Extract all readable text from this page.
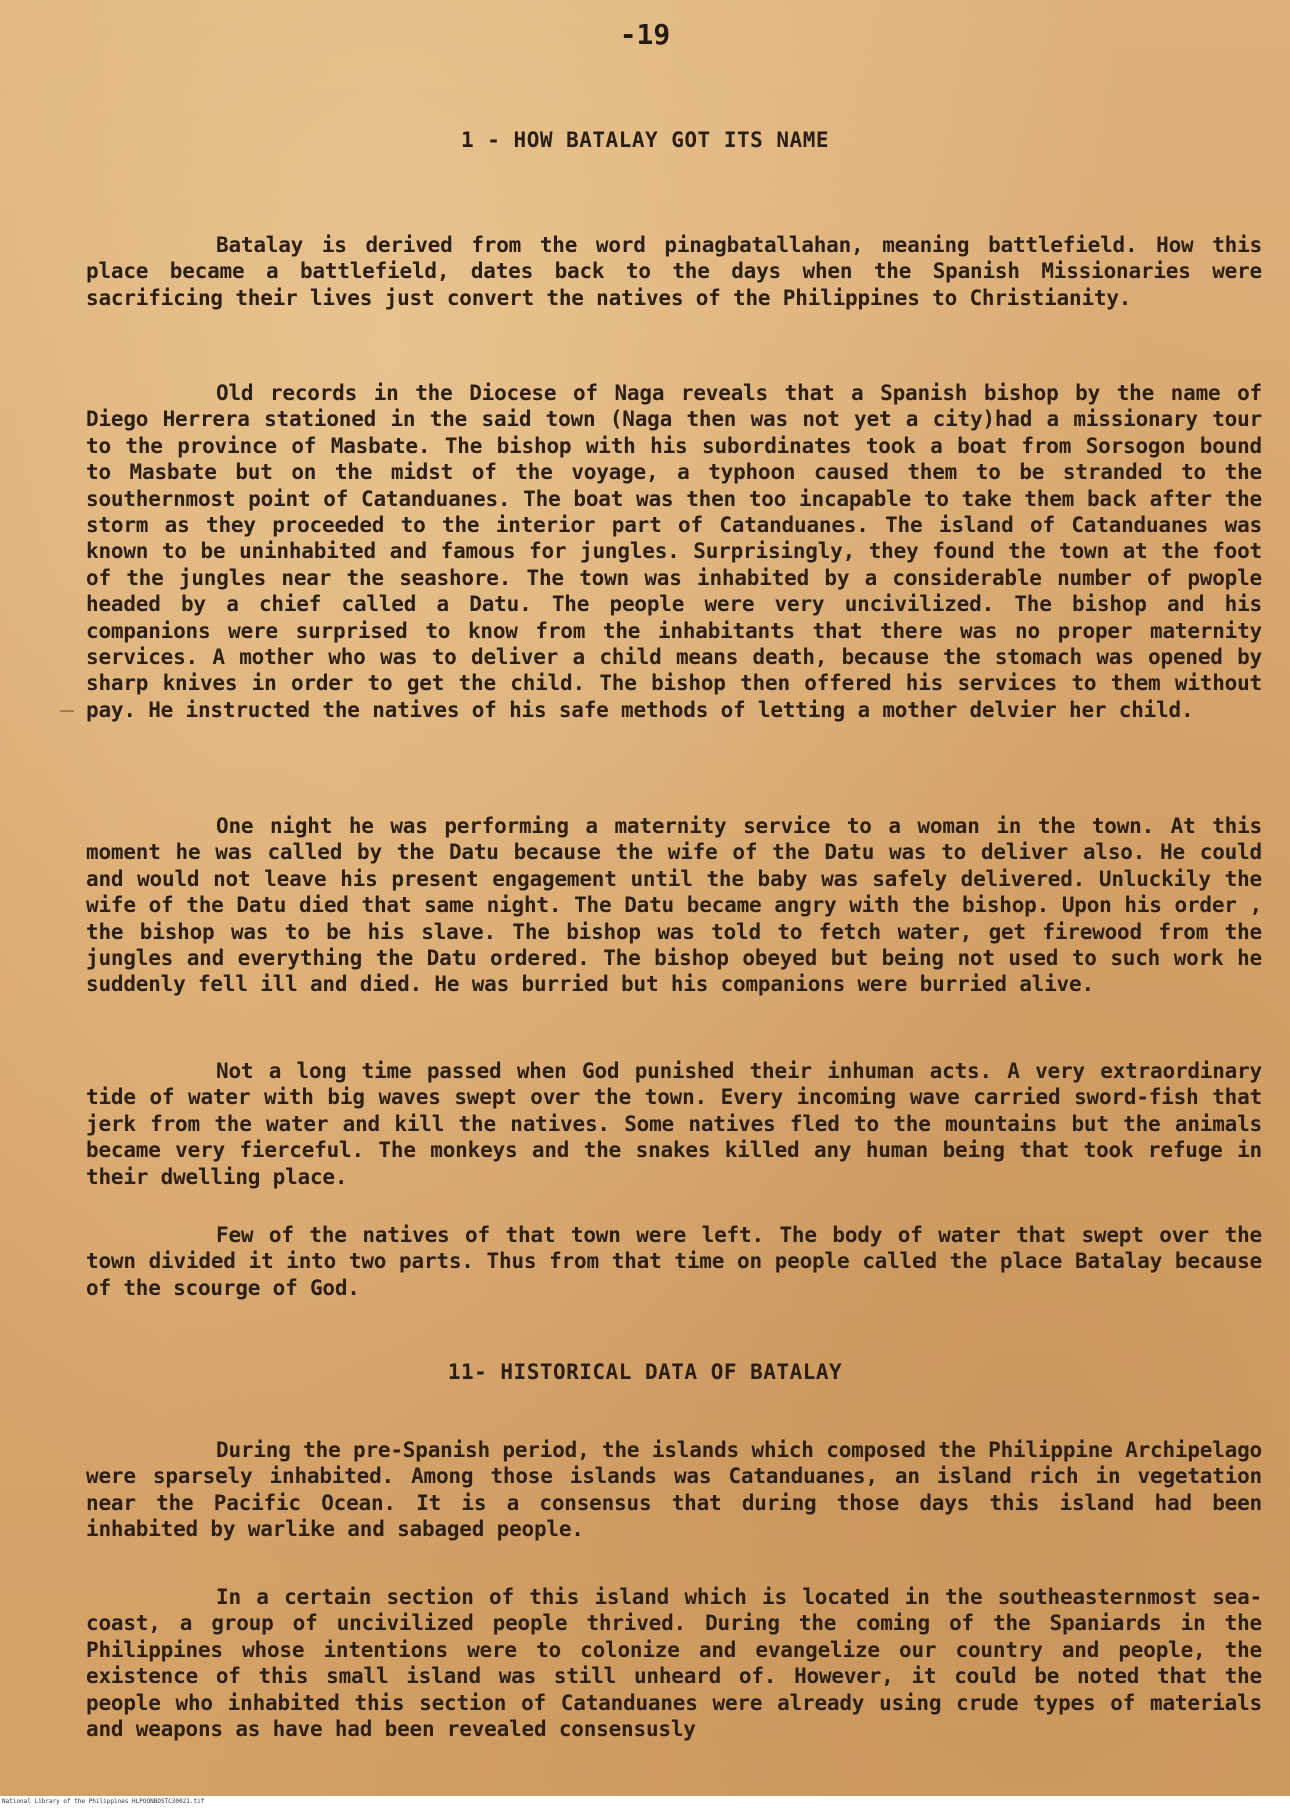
-19
1 - HOW BATALAY GOT ITS NAME

Batalay is derived from the word pinagbatallahan, meaning battlefield. How this place became a battlefield, dates back to the days when the Spanish Missionaries were sacrificing their lives just convert the natives of the Philippines to Christianity.

Old records in the Diocese of Naga reveals that a Spanish bishop by the name of Diego Herrera stationed in the said town (Naga then was not yet a city)had a missionary tour to the province of Masbate. The bishop with his subordinates took a boat from Sorsogon bound to Masbate but on the midst of the voyage, a typhoon caused them to be stranded to the southernmost point of Catanduanes. The boat was then too incapable to take them back after the storm as they proceeded to the interior part of Catanduanes. The island of Catanduanes was known to be uninhabited and famous for jungles. Surprisingly, they found the town at the foot of the jungles near the seashore. The town was inhabited by a considerable number of pwople headed by a chief called a Datu. The people were very uncivilized. The bishop and his companions were surprised to know from the inhabitants that there was no proper maternity services. A mother who was to deliver a child means death, because the stomach was opened by sharp knives in order to get the child. The bishop then offered his services to them without pay. He instructed the natives of his safe methods of letting a mother delvier her child.

One night he was performing a maternity service to a woman in the town. At this moment he was called by the Datu because the wife of the Datu was to deliver also. He could and would not leave his present engagement until the baby was safely delivered. Unluckily the wife of the Datu died that same night. The Datu became angry with the bishop. Upon his order , the bishop was to be his slave. The bishop was told to fetch water, get firewood from the jungles and everything the Datu ordered. The bishop obeyed but being not used to such work he suddenly fell ill and died. He was burried but his companions were burried alive.

Not a long time passed when God punished their inhuman acts. A very extraordinary tide of water with big waves swept over the town. Every incoming wave carried sword-fish that jerk from the water and kill the natives. Some natives fled to the mountains but the animals became very fierceful. The monkeys and the snakes killed any human being that took refuge in their dwelling place.

Few of the natives of that town were left. The body of water that swept over the town divided it into two parts. Thus from that time on people called the place Batalay because of the scourge of God.

11- HISTORICAL DATA OF BATALAY

During the pre-Spanish period, the islands which composed the Philippine Archipelago were sparsely inhabited. Among those islands was Catanduanes, an island rich in vegetation near the Pacific Ocean. It is a consensus that during those days this island had been inhabited by warlike and sabaged people.

In a certain section of this island which is located in the southeasternmost sea-coast, a group of uncivilized people thrived. During the coming of the Spaniards in the Philippines whose intentions were to colonize and evangelize our country and people, the existence of this small island was still unheard of. However, it could be noted that the people who inhabited this section of Catanduanes were already using crude types of materials and weapons as have had been revealed consensusly

National Library of the Philippines HLPOONBDSTC30021.tif
